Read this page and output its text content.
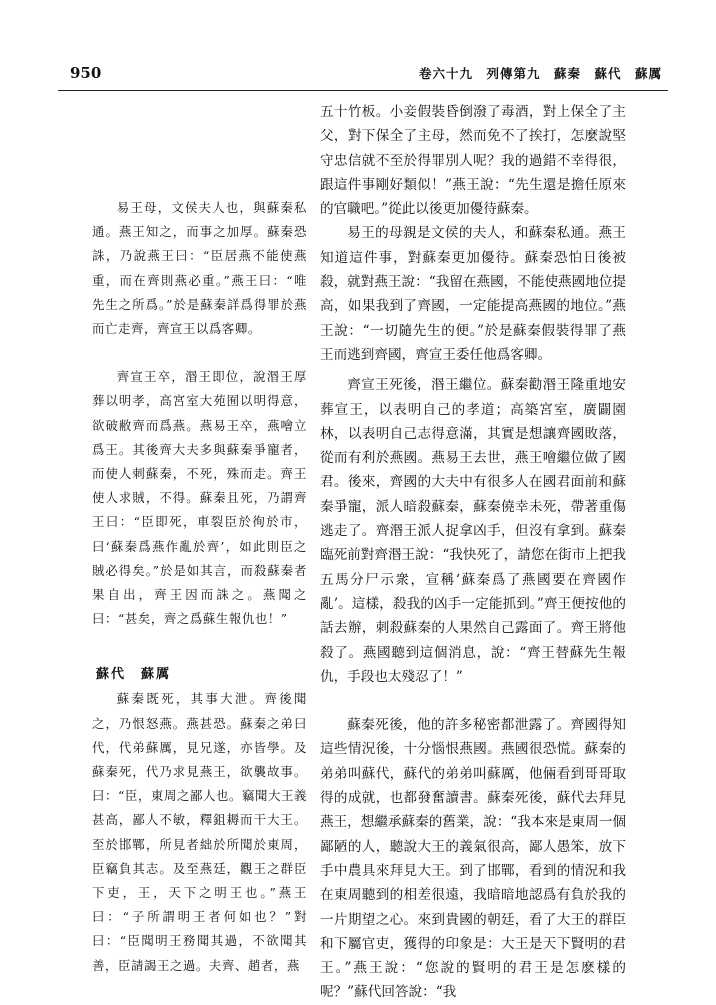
950	卷六十九　列傳第九　蘇秦　蘇代　蘇厲

易王母，文侯夫人也，與蘇秦私通。燕王知之，而事之加厚。蘇秦恐誅，乃說燕王曰：“臣居燕不能使燕重，而在齊則燕必重。”燕王曰：“唯先生之所爲。”於是蘇秦詳爲得罪於燕而亡走齊，齊宣王以爲客卿。

齊宣王卒，湣王即位，說湣王厚葬以明孝，高宮室大苑囿以明得意，欲破敝齊而爲燕。燕易王卒，燕噲立爲王。其後齊大夫多與蘇秦爭寵者，而使人刺蘇秦，不死，殊而走。齊王使人求賊，不得。蘇秦且死，乃謂齊王曰：“臣即死，車裂臣於徇於市，曰‘蘇秦爲燕作亂於齊’，如此則臣之賊必得矣。”於是如其言，而殺蘇秦者果自出，齊王因而誅之。燕聞之曰：“甚矣，齊之爲蘇生報仇也！”

蘇代　蘇厲

蘇秦既死，其事大泄。齊後聞之，乃恨怒燕。燕甚恐。蘇秦之弟曰代，代弟蘇厲，見兄遂，亦皆學。及蘇秦死，代乃求見燕王，欲襲故事。曰：“臣，東周之鄙人也。竊聞大王義甚高，鄙人不敏，釋鉏耨而干大王。至於邯鄲，所見者絀於所聞於東周，臣竊負其志。及至燕廷，觀王之群臣下吏，王，天下之明王也。”燕王曰：“子所謂明王者何如也？”對曰：“臣聞明王務聞其過，不欲聞其善，臣請謁王之過。夫齊、趙者，燕

五十竹板。小妾假裝昏倒潑了毒酒，對上保全了主父，對下保全了主母，然而免不了挨打，怎麼說堅守忠信就不至於得罪別人呢？我的過錯不幸得很，跟這件事剛好類似！”燕王說：“先生還是擔任原來的官職吧。”從此以後更加優待蘇秦。

易王的母親是文侯的夫人，和蘇秦私通。燕王知道這件事，對蘇秦更加優待。蘇秦恐怕日後被殺，就對燕王說：“我留在燕國，不能使燕國地位提高，如果我到了齊國，一定能提高燕國的地位。”燕王說：“一切隨先生的便。”於是蘇秦假裝得罪了燕王而逃到齊國，齊宣王委任他爲客卿。

齊宣王死後，湣王繼位。蘇秦勸湣王隆重地安葬宣王，以表明自己的孝道；高築宮室，廣闢園林，以表明自己志得意滿，其實是想讓齊國敗落，從而有利於燕國。燕易王去世，燕王噲繼位做了國君。後來，齊國的大夫中有很多人在國君面前和蘇秦爭寵，派人暗殺蘇秦，蘇秦僥幸未死，帶著重傷逃走了。齊湣王派人捉拿凶手，但沒有拿到。蘇秦臨死前對齊湣王說：“我快死了，請您在街市上把我五馬分尸示衆，宣稱‘蘇秦爲了燕國要在齊國作亂’。這樣，殺我的凶手一定能抓到。”齊王便按他的話去辦，刺殺蘇秦的人果然自己露面了。齊王將他殺了。燕國聽到這個消息，說：“齊王替蘇先生報仇，手段也太殘忍了！”

蘇秦死後，他的許多秘密都泄露了。齊國得知這些情況後，十分惱恨燕國。燕國很恐慌。蘇秦的弟弟叫蘇代，蘇代的弟弟叫蘇厲，他倆看到哥哥取得的成就，也都發奮讀書。蘇秦死後，蘇代去拜見燕王，想繼承蘇秦的舊業，說：“我本來是東周一個鄙陋的人，聽說大王的義氣很高，鄙人愚笨，放下手中農具來拜見大王。到了邯鄲，看到的情況和我在東周聽到的相差很遠，我暗暗地認爲有負於我的一片期望之心。來到貴國的朝廷，看了大王的群臣和下屬官吏，獲得的印象是：大王是天下賢明的君王。”燕王說：“您說的賢明的君王是怎麽樣的呢？”蘇代回答說：“我
